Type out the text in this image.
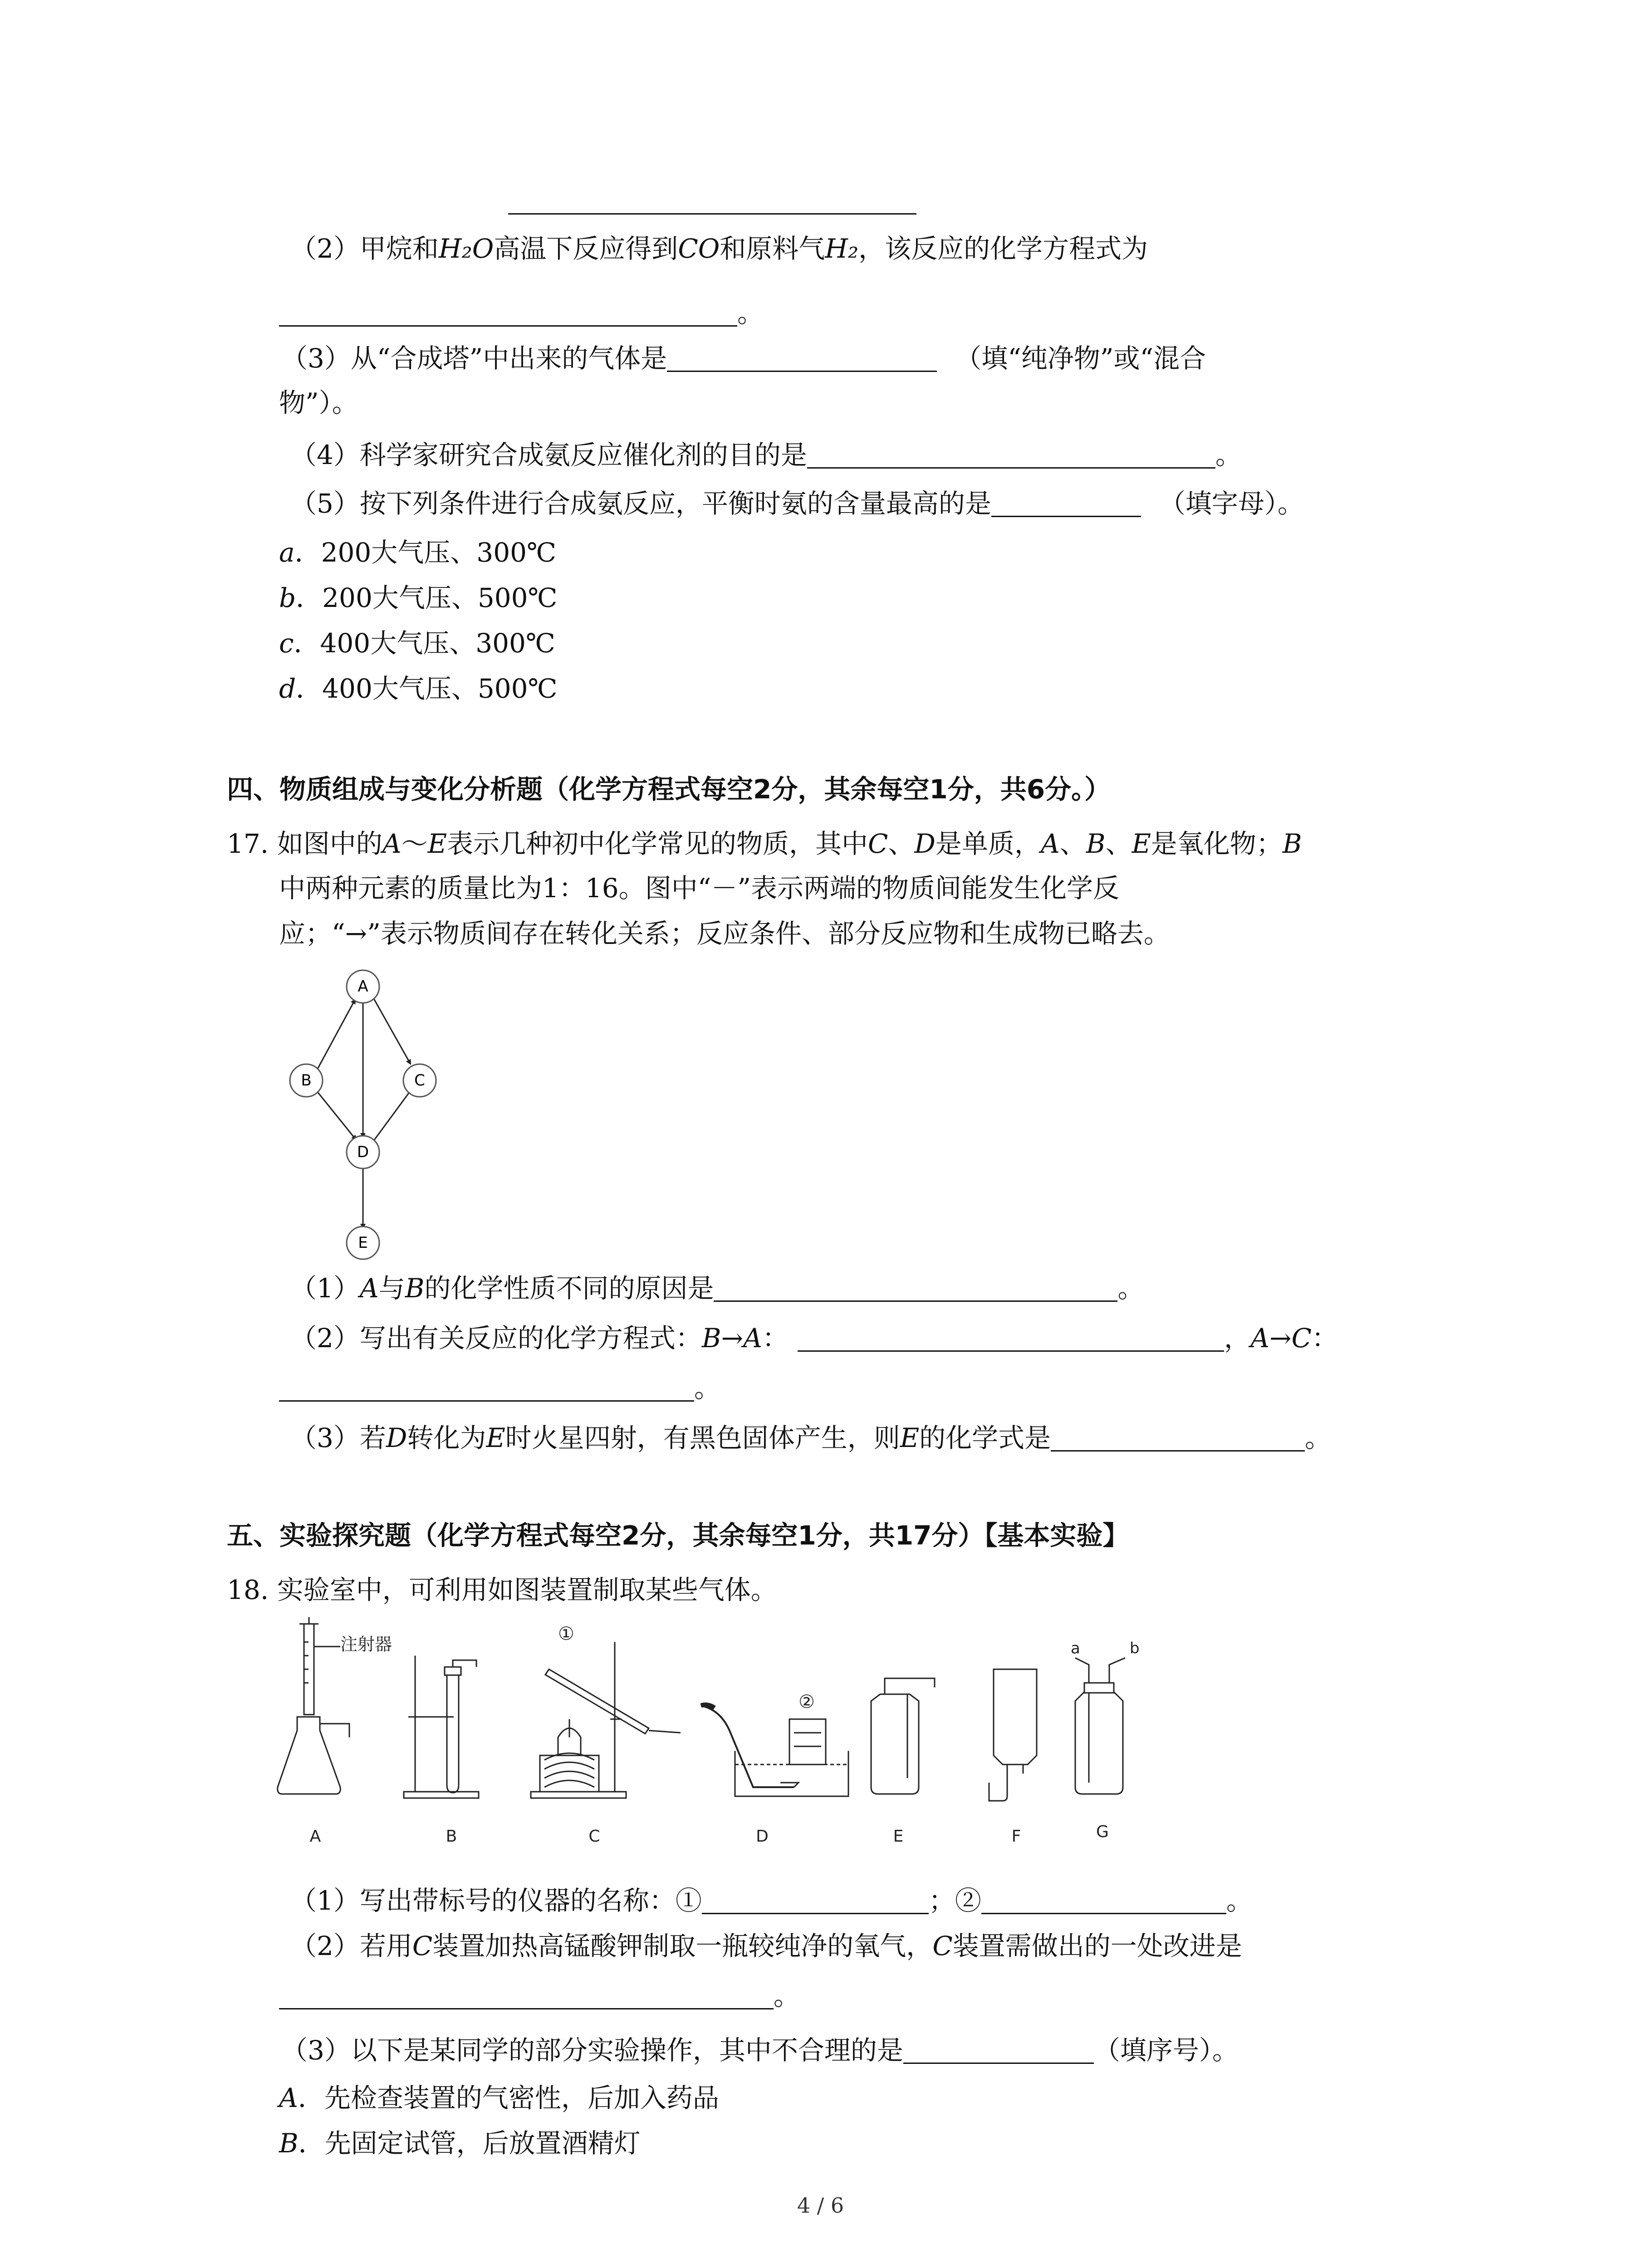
（2）甲烷和H₂O高温下反应得到CO和原料气H₂，该反应的化学方程式为
。
（3）从“合成塔”中出来的气体是	（填“纯净物”或“混合
物”）。
（4）科学家研究合成氨反应催化剂的目的是	。
（5）按下列条件进行合成氨反应，平衡时氨的含量最高的是	（填字母）。
a．200大气压、300℃
b．200大气压、500℃
c．400大气压、300℃
d．400大气压、500℃
四、物质组成与变化分析题（化学方程式每空2分，其余每空1分，共6分。）
17. 如图中的A～E表示几种初中化学常见的物质，其中C、D是单质，A、B、E是氧化物；B
中两种元素的质量比为1：16。图中“－”表示两端的物质间能发生化学反
应；“→”表示物质间存在转化关系；反应条件、部分反应物和生成物已略去。
A
B	C
D
E
（1）A与B的化学性质不同的原因是	。
（2）写出有关反应的化学方程式：B→A：	，A→C：
。
（3）若D转化为E时火星四射，有黑色固体产生，则E的化学式是	。
五、实验探究题（化学方程式每空2分，其余每空1分，共17分）【基本实验】
18. 实验室中，可利用如图装置制取某些气体。
注射器	①
②
a	b
A	B	C	D	E	F	G
（1）写出带标号的仪器的名称：①	；②	。
（2）若用C装置加热高锰酸钾制取一瓶较纯净的氧气，C装置需做出的一处改进是
。
（3）以下是某同学的部分实验操作，其中不合理的是	（填序号）。
A．先检查装置的气密性，后加入药品
B．先固定试管，后放置酒精灯
4 / 6
